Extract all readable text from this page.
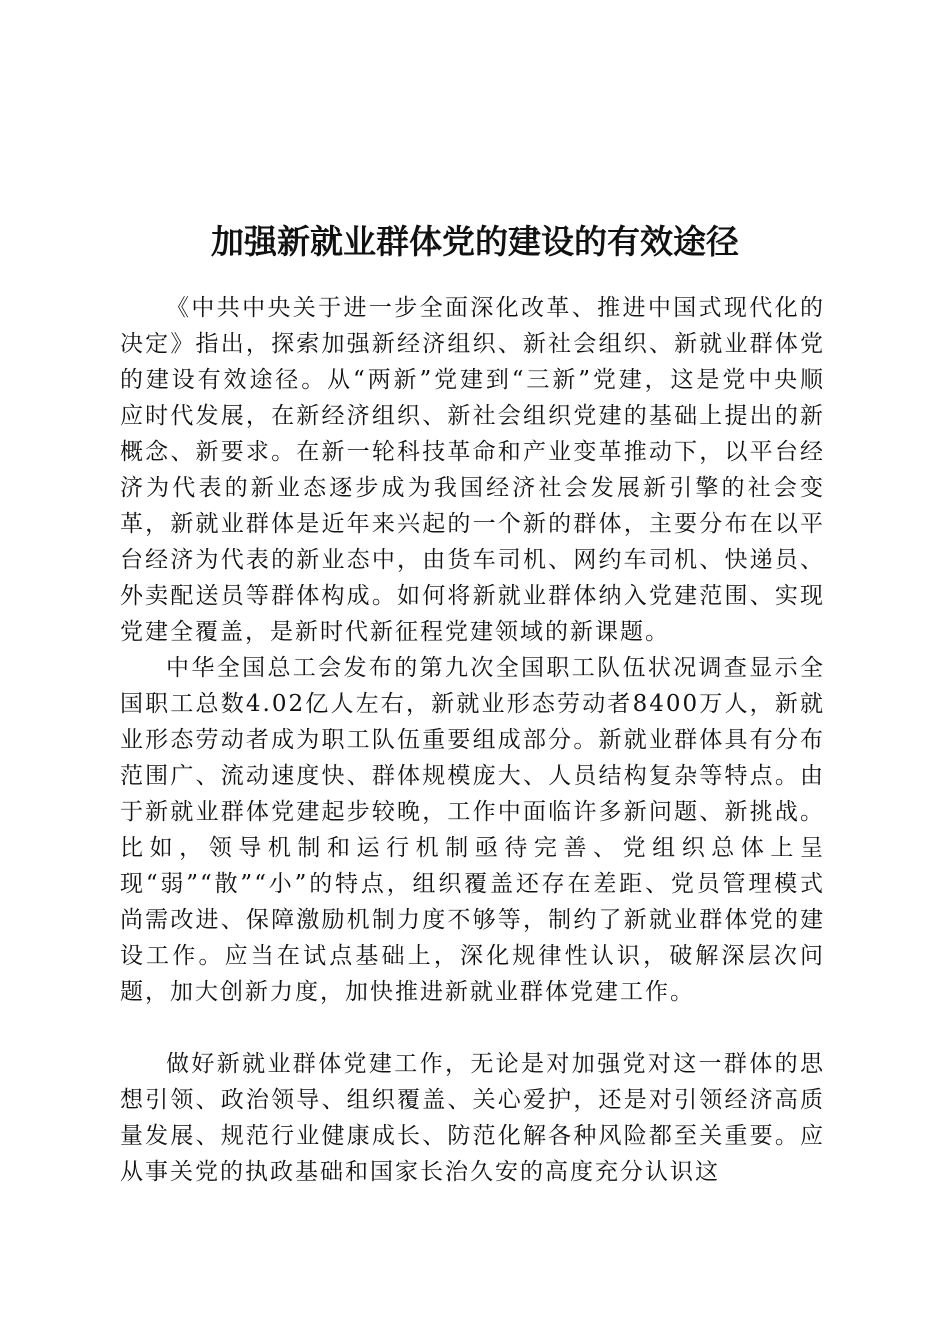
加强新就业群体党的建设的有效途径

《中共中央关于进一步全面深化改革、推进中国式现代化的决定》指出，探索加强新经济组织、新社会组织、新就业群体党的建设有效途径。从“两新”党建到“三新”党建，这是党中央顺应时代发展，在新经济组织、新社会组织党建的基础上提出的新概念、新要求。在新一轮科技革命和产业变革推动下，以平台经济为代表的新业态逐步成为我国经济社会发展新引擎的社会变革，新就业群体是近年来兴起的一个新的群体，主要分布在以平台经济为代表的新业态中，由货车司机、网约车司机、快递员、外卖配送员等群体构成。如何将新就业群体纳入党建范围、实现党建全覆盖，是新时代新征程党建领域的新课题。

中华全国总工会发布的第九次全国职工队伍状况调查显示全国职工总数4.02亿人左右，新就业形态劳动者8400万人，新就业形态劳动者成为职工队伍重要组成部分。新就业群体具有分布范围广、流动速度快、群体规模庞大、人员结构复杂等特点。由于新就业群体党建起步较晚，工作中面临许多新问题、新挑战。比如，领导机制和运行机制亟待完善、党组织总体上呈现“弱”“散”“小”的特点，组织覆盖还存在差距、党员管理模式尚需改进、保障激励机制力度不够等，制约了新就业群体党的建设工作。应当在试点基础上，深化规律性认识，破解深层次问题，加大创新力度，加快推进新就业群体党建工作。

做好新就业群体党建工作，无论是对加强党对这一群体的思想引领、政治领导、组织覆盖、关心爱护，还是对引领经济高质量发展、规范行业健康成长、防范化解各种风险都至关重要。应从事关党的执政基础和国家长治久安的高度充分认识这
